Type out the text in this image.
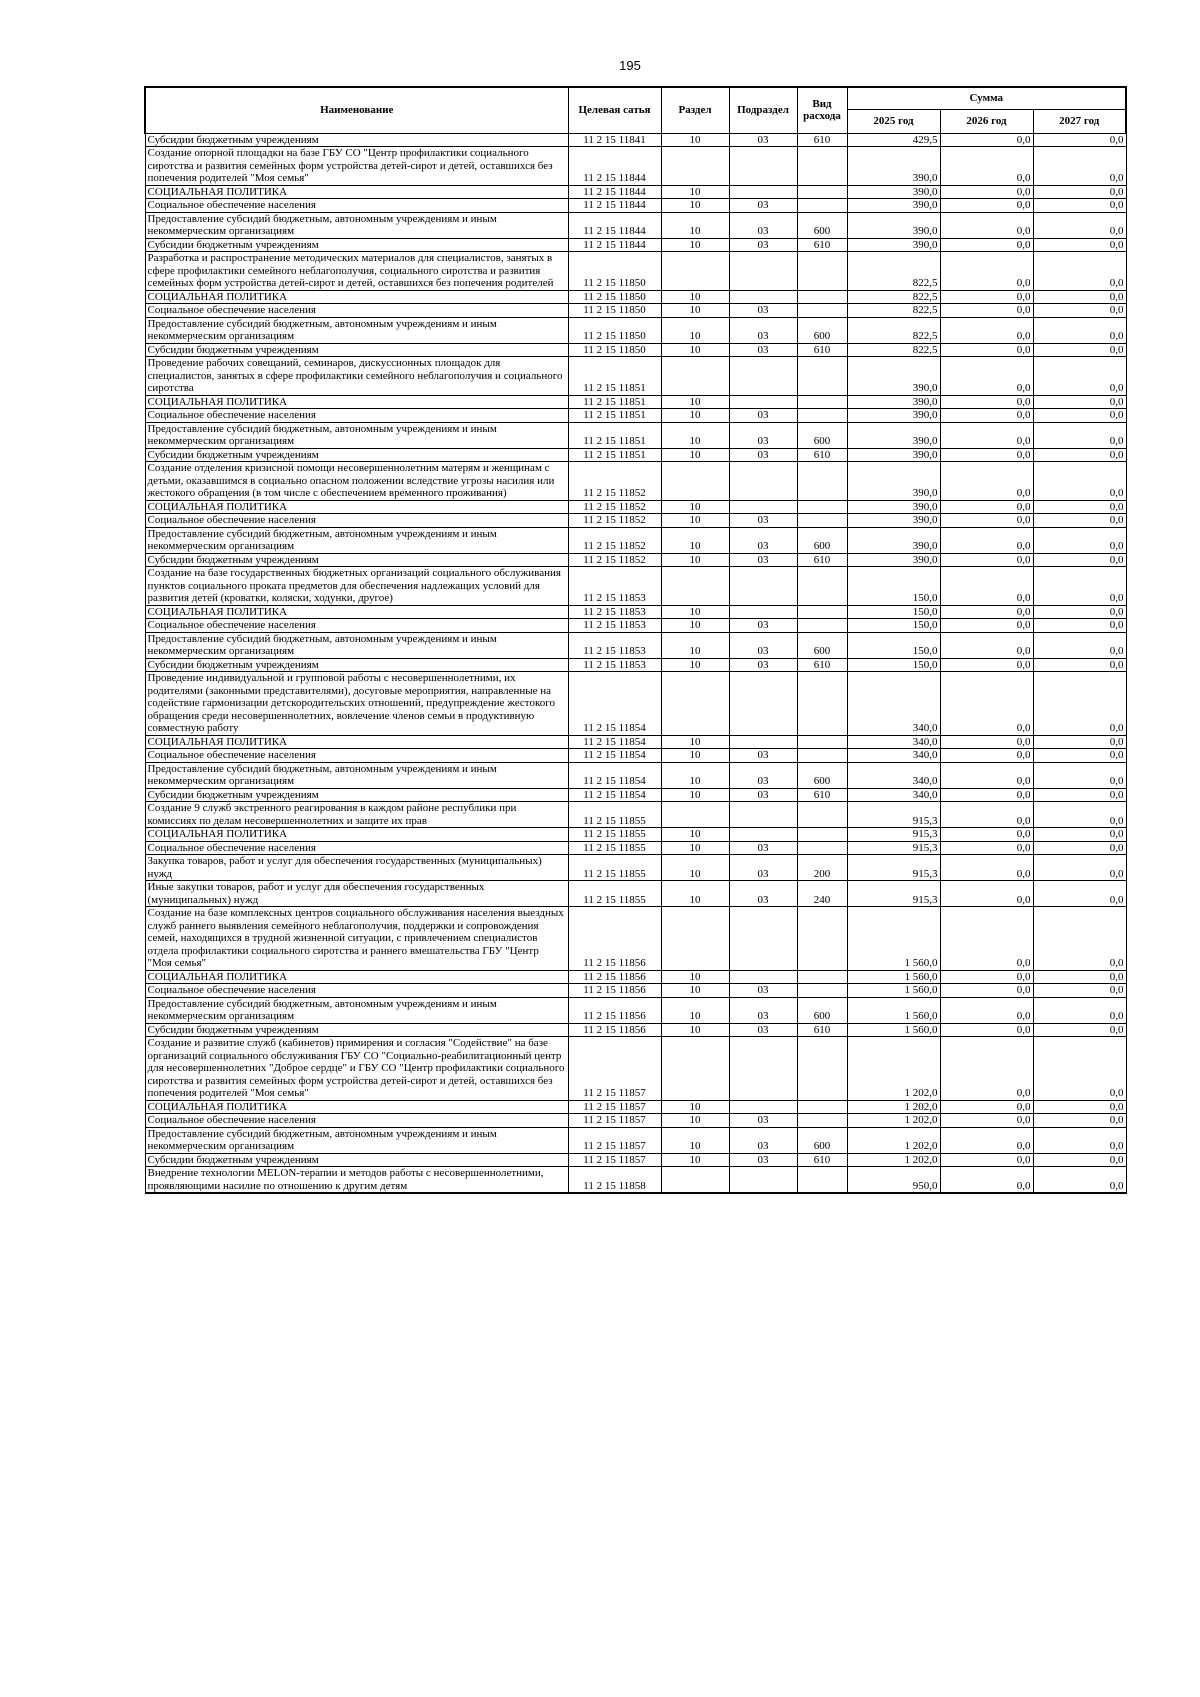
195
Наименование	Целевая сатья	Раздел	Подраздел	Вид расхода	Сумма		
					2025 год	2026 год	2027 год
Субсидии бюджетным учреждениям	11 2 15 11841	10	03	610	429,5	0,0	0,0
Создание опорной площадки на базе ГБУ СО "Центр профилактики социального сиротства и развития семейных форм устройства детей-сирот и детей, оставшихся без попечения родителей "Моя семья"	11 2 15 11844				390,0	0,0	0,0
СОЦИАЛЬНАЯ ПОЛИТИКА	11 2 15 11844	10			390,0	0,0	0,0
Социальное обеспечение населения	11 2 15 11844	10	03		390,0	0,0	0,0
Предоставление субсидий бюджетным, автономным учреждениям и иным некоммерческим организациям	11 2 15 11844	10	03	600	390,0	0,0	0,0
Субсидии бюджетным учреждениям	11 2 15 11844	10	03	610	390,0	0,0	0,0
Разработка и распространение методических материалов для специалистов, занятых в сфере профилактики семейного неблагополучия, социального сиротства и развития семейных форм устройства детей-сирот и детей, оставшихся без попечения родителей	11 2 15 11850				822,5	0,0	0,0
СОЦИАЛЬНАЯ ПОЛИТИКА	11 2 15 11850	10			822,5	0,0	0,0
Социальное обеспечение населения	11 2 15 11850	10	03		822,5	0,0	0,0
Предоставление субсидий бюджетным, автономным учреждениям и иным некоммерческим организациям	11 2 15 11850	10	03	600	822,5	0,0	0,0
Субсидии бюджетным учреждениям	11 2 15 11850	10	03	610	822,5	0,0	0,0
Проведение рабочих совещаний, семинаров, дискуссионных площадок для специалистов, занятых в сфере профилактики семейного неблагополучия и социального сиротства	11 2 15 11851				390,0	0,0	0,0
СОЦИАЛЬНАЯ ПОЛИТИКА	11 2 15 11851	10			390,0	0,0	0,0
Социальное обеспечение населения	11 2 15 11851	10	03		390,0	0,0	0,0
Предоставление субсидий бюджетным, автономным учреждениям и иным некоммерческим организациям	11 2 15 11851	10	03	600	390,0	0,0	0,0
Субсидии бюджетным учреждениям	11 2 15 11851	10	03	610	390,0	0,0	0,0
Создание отделения кризисной помощи несовершеннолетним матерям и женщинам с детьми, оказавшимся в социально опасном положении вследствие угрозы насилия или жестокого обращения (в том числе с обеспечением временного проживания)	11 2 15 11852				390,0	0,0	0,0
СОЦИАЛЬНАЯ ПОЛИТИКА	11 2 15 11852	10			390,0	0,0	0,0
Социальное обеспечение населения	11 2 15 11852	10	03		390,0	0,0	0,0
Предоставление субсидий бюджетным, автономным учреждениям и иным некоммерческим организациям	11 2 15 11852	10	03	600	390,0	0,0	0,0
Субсидии бюджетным учреждениям	11 2 15 11852	10	03	610	390,0	0,0	0,0
Создание на базе государственных бюджетных организаций социального обслуживания пунктов социального проката предметов для обеспечения надлежащих условий для развития детей (кроватки, коляски, ходунки, другое)	11 2 15 11853				150,0	0,0	0,0
СОЦИАЛЬНАЯ ПОЛИТИКА	11 2 15 11853	10			150,0	0,0	0,0
Социальное обеспечение населения	11 2 15 11853	10	03		150,0	0,0	0,0
Предоставление субсидий бюджетным, автономным учреждениям и иным некоммерческим организациям	11 2 15 11853	10	03	600	150,0	0,0	0,0
Субсидии бюджетным учреждениям	11 2 15 11853	10	03	610	150,0	0,0	0,0
Проведение индивидуальной и групповой работы с несовершеннолетними, их родителями (законными представителями), досуговые мероприятия, направленные на содействие гармонизации детскородительских отношений, предупреждение жестокого обращения среди несовершеннолетних, вовлечение членов семьи в продуктивную совместную работу	11 2 15 11854				340,0	0,0	0,0
СОЦИАЛЬНАЯ ПОЛИТИКА	11 2 15 11854	10			340,0	0,0	0,0
Социальное обеспечение населения	11 2 15 11854	10	03		340,0	0,0	0,0
Предоставление субсидий бюджетным, автономным учреждениям и иным некоммерческим организациям	11 2 15 11854	10	03	600	340,0	0,0	0,0
Субсидии бюджетным учреждениям	11 2 15 11854	10	03	610	340,0	0,0	0,0
Создание 9 служб экстренного реагирования в каждом районе республики при комиссиях по делам несовершеннолетних и защите их прав	11 2 15 11855				915,3	0,0	0,0
СОЦИАЛЬНАЯ ПОЛИТИКА	11 2 15 11855	10			915,3	0,0	0,0
Социальное обеспечение населения	11 2 15 11855	10	03		915,3	0,0	0,0
Закупка товаров, работ и услуг для обеспечения государственных (муниципальных) нужд	11 2 15 11855	10	03	200	915,3	0,0	0,0
Иные закупки товаров, работ и услуг для обеспечения государственных (муниципальных) нужд	11 2 15 11855	10	03	240	915,3	0,0	0,0
Создание на базе комплексных центров социального обслуживания населения выездных служб раннего выявления семейного неблагополучия, поддержки и сопровождения семей, находящихся в трудной жизненной ситуации, с привлечением специалистов отдела профилактики социального сиротства и раннего вмешательства ГБУ "Центр "Моя семья"	11 2 15 11856				1 560,0	0,0	0,0
СОЦИАЛЬНАЯ ПОЛИТИКА	11 2 15 11856	10			1 560,0	0,0	0,0
Социальное обеспечение населения	11 2 15 11856	10	03		1 560,0	0,0	0,0
Предоставление субсидий бюджетным, автономным учреждениям и иным некоммерческим организациям	11 2 15 11856	10	03	600	1 560,0	0,0	0,0
Субсидии бюджетным учреждениям	11 2 15 11856	10	03	610	1 560,0	0,0	0,0
Создание и развитие служб (кабинетов) примирения и согласия "Содействие" на базе организаций социального обслуживания ГБУ СО "Социально-реабилитационный центр для несовершеннолетних "Доброе сердце" и ГБУ СО "Центр профилактики социального сиротства и развития семейных форм устройства детей-сирот и детей, оставшихся без попечения родителей "Моя семья"	11 2 15 11857				1 202,0	0,0	0,0
СОЦИАЛЬНАЯ ПОЛИТИКА	11 2 15 11857	10			1 202,0	0,0	0,0
Социальное обеспечение населения	11 2 15 11857	10	03		1 202,0	0,0	0,0
Предоставление субсидий бюджетным, автономным учреждениям и иным некоммерческим организациям	11 2 15 11857	10	03	600	1 202,0	0,0	0,0
Субсидии бюджетным учреждениям	11 2 15 11857	10	03	610	1 202,0	0,0	0,0
Внедрение технологии MELON-терапии и методов работы с несовершеннолетними, проявляющими насилие по отношению к другим детям	11 2 15 11858				950,0	0,0	0,0
